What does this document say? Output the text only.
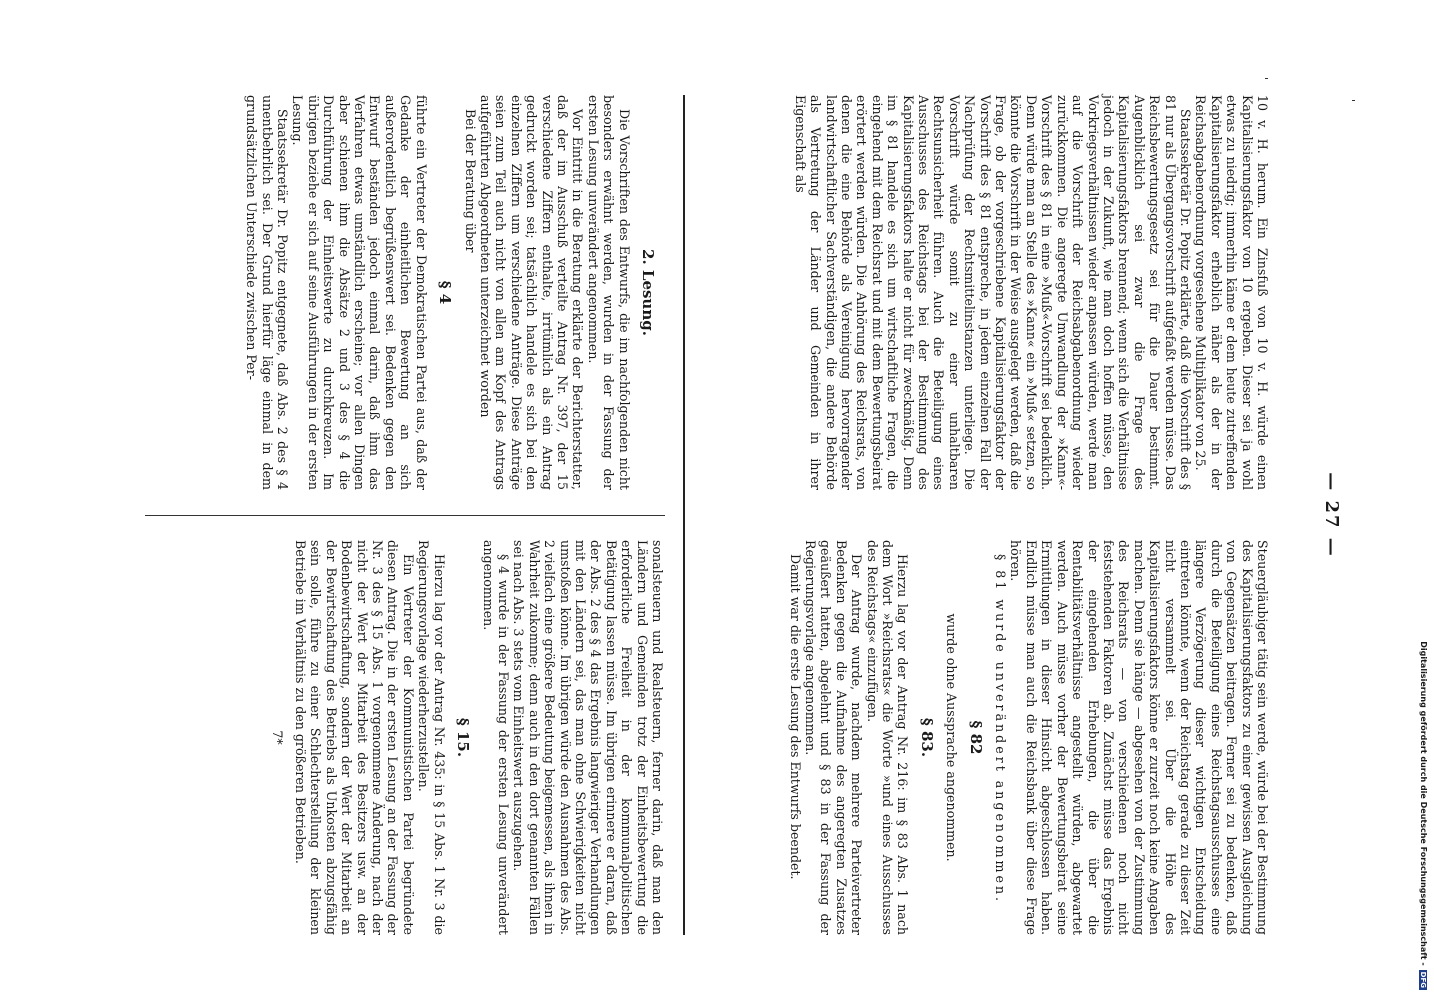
— 27 —

10 v. H. herum. Ein Zinsfuß von 10 v. H. würde einen Kapitalisierungsfaktor von 10 ergeben. Dieser sei ja wohl etwas zu niedrig; immerhin käme er dem heute zutreffenden Kapitalisierungsfaktor erheblich näher als der in der Reichsabgabenordnung vorgesehene Multiplikator von 25.

Staatssekretär Dr. Popitz erklärte, daß die Vorschrift des § 81 nur als Übergangsvorschrift aufgefaßt werden müsse. Das Reichsbewertungsgesetz sei für die Dauer bestimmt. Augenblicklich sei zwar die Frage des Kapitalisierungsfaktors brennend; wenn sich die Verhältnisse jedoch in der Zukunft, wie man doch hoffen müsse, den Vorkriegsverhältnissen wieder anpassen würden, werde man auf die Vorschrift der Reichsabgabenordnung wieder zurückkommen. Die angeregte Umwandlung der »Kann«-Vorschrift des § 81 in eine »Muß«-Vorschrift sei bedenklich. Denn würde man an Stelle des »Kann« ein »Muß« setzen, so könnte die Vorschrift in der Weise ausgelegt werden, daß die Frage, ob der vorgeschriebene Kapitalisierungsfaktor der Vorschrift des § 81 entspreche, in jedem einzelnen Fall der Nachprüfung der Rechtsmittelinstanzen unterliege. Die Vorschrift würde somit zu einer unhaltbaren Rechtsunsicherheit führen. Auch die Beteiligung eines Ausschusses des Reichstags bei der Bestimmung des Kapitalisierungsfaktors halte er nicht für zweckmäßig. Denn im § 81 handele es sich um wirtschaftliche Fragen, die eingehend mit dem Reichsrat und mit dem Bewertungsbeirat erörtert werden würden. Die Anhörung des Reichsrats, von denen die eine Behörde als Vereinigung hervorragender landwirtschaftlicher Sachverständigen, die andere Behörde als Vertretung der Länder und Gemeinden in ihrer Eigenschaft als

Steuergläubiger tätig sein werde, würde bei der Bestimmung des Kapitalisierungsfaktors zu einer gewissen Ausgleichung von Gegensätzen beitragen. Ferner sei zu bedenken, daß durch die Beteiligung eines Reichstagsausschusses eine längere Verzögerung dieser wichtigen Entscheidung eintreten könnte, wenn der Reichstag gerade zu dieser Zeit nicht versammelt sei. Über die Höhe des Kapitalisierungsfaktors könne er zurzeit noch keine Angaben machen. Denn sie hänge — abgesehen von der Zustimmung des Reichsrats — von verschiedenen noch nicht feststehenden Faktoren ab. Zunächst müsse das Ergebnis der eingehenden Erhebungen, die über die Rentabilitätsverhältnisse angestellt würden, abgewartet werden. Auch müsse vorher der Bewertungsbeirat seine Ermittlungen in dieser Hinsicht abgeschlossen haben. Endlich müsse man auch die Reichsbank über diese Frage hören.

§ 81 wurde unverändert angenommen.

§ 82

wurde ohne Aussprache angenommen.

§ 83.

Hierzu lag vor der Antrag Nr. 216: im § 83 Abs. 1 nach dem Wort »Reichsrats« die Worte »und eines Ausschusses des Reichstags« einzufügen.

Der Antrag wurde, nachdem mehrere Parteivertreter Bedenken gegen die Aufnahme des angeregten Zusatzes geäußert hatten, abgelehnt und § 83 in der Fassung der Regierungsvorlage angenommen.

Damit war die erste Lesung des Entwurfs beendet.

2. Lesung.

Die Vorschriften des Entwurfs, die im nachfolgenden nicht besonders erwähnt werden, wurden in der Fassung der ersten Lesung unverändert angenommen.

Vor Eintritt in die Beratung erklärte der Berichterstatter, daß der im Ausschuß verteilte Antrag Nr. 397, der 15 verschiedene Ziffern enthalte, irrtümlich als ein Antrag gedruckt worden sei; tatsächlich handele es sich bei den einzelnen Ziffern um verschiedene Anträge. Diese Anträge seien zum Teil auch nicht von allen am Kopf des Antrags aufgeführten Abgeordneten unterzeichnet worden

Bei der Beratung über

§ 4

führte ein Vertreter der Demokratischen Partei aus, daß der Gedanke der einheitlichen Bewertung an sich außerordentlich begrüßenswert sei. Bedenken gegen den Entwurf beständen jedoch einmal darin, daß ihm das Verfahren etwas umständlich erscheine; vor allen Dingen aber schienen ihm die Absätze 2 und 3 des § 4 die Durchführung der Einheitswerte zu durchkreuzen. Im übrigen beziehe er sich auf seine Ausführungen in der ersten Lesung.

Staatssekretär Dr. Popitz entgegnete, daß Abs. 2 des § 4 unentbehrlich sei. Der Grund hierfür läge einmal in dem grundsätzlichen Unterschiede zwischen Per-

sonalsteuern und Realsteuern, ferner darin, daß man den Ländern und Gemeinden trotz der Einheitsbewertung die erforderliche Freiheit in der kommunalpolitischen Betätigung lassen müsse. Im übrigen erinnere er daran, daß der Abs. 2 des § 4 das Ergebnis langwieriger Verhandlungen mit den Ländern sei, das man ohne Schwierigkeiten nicht umstoßen könne. Im übrigen würde den Ausnahmen des Abs. 2 vielfach eine größere Bedeutung beigemessen, als ihnen in Wahrheit zukomme; denn auch in den dort genannten Fällen sei nach Abs. 3 stets vom Einheitswert auszugehen.

§ 4 wurde in der Fassung der ersten Lesung unverändert angenommen.

§ 15.

Hierzu lag vor der Antrag Nr. 435: in § 15 Abs. 1 Nr. 3 die Regierungsvorlage wiederherzustellen.

Ein Vertreter der Kommunistischen Partei begründete diesen Antrag. Die in der ersten Lesung an der Fassung der Nr. 3 des § 15 Abs. 1 vorgenommene Änderung, nach der nicht der Wert der Mitarbeit des Besitzers usw. an der Bodenbewirtschaftung, sondern der Wert der Mitarbeit an der Bewirtschaftung des Betriebs als Unkosten abzugsfähig sein solle, führe zu einer Schlechterstellung der kleinen Betriebe im Verhältnis zu den größeren Betrieben.

7*	Digitalisierung gefördert durch die Deutsche Forschungsgemeinschaft -DFG
